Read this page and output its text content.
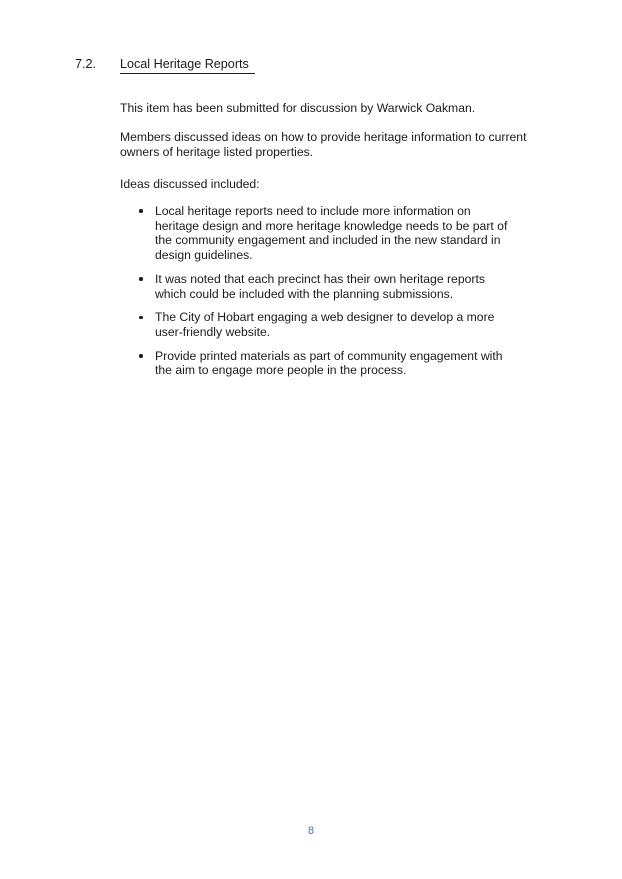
7.2. Local Heritage Reports

This item has been submitted for discussion by Warwick Oakman.

Members discussed ideas on how to provide heritage information to current owners of heritage listed properties.

Ideas discussed included:

Local heritage reports need to include more information on heritage design and more heritage knowledge needs to be part of the community engagement and included in the new standard in design guidelines.
It was noted that each precinct has their own heritage reports which could be included with the planning submissions.
The City of Hobart engaging a web designer to develop a more user-friendly website.
Provide printed materials as part of community engagement with the aim to engage more people in the process.
8
